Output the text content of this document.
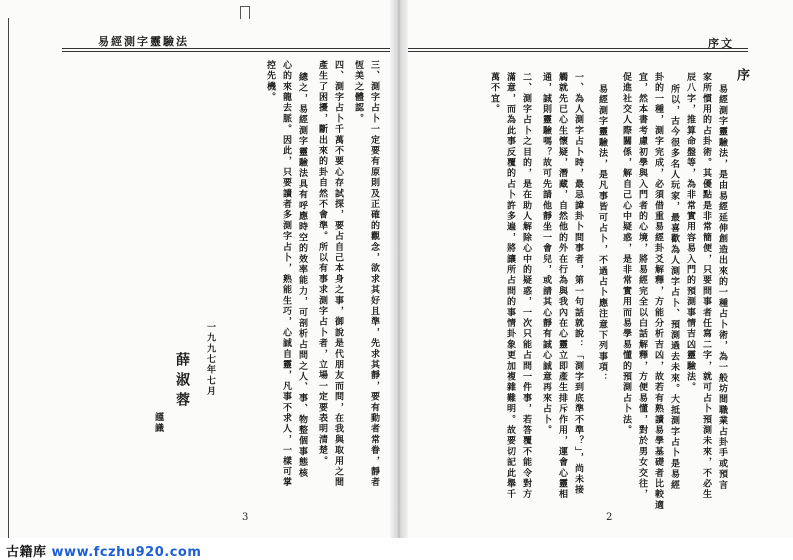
易經測字靈驗法	序文
序
易經測字靈驗法，是由易經延伸創造出來的一種占卜術，為一般坊間職業占卦手或預言
家所慣用的占卦術。其優點是非常簡便，只要問事者任寫二字，就可占卜預測未來，不必生
辰八字，推算命盤等，為非常實用容易入門的預測事情吉凶靈驗法。
所以，古今很多名人玩家，最喜歡為人測字占卜、預測過去未來。大抵測字占卜是易經
卦的一種，測字完成，必須借重易經卦爻解釋，方能分析吉凶，故若有熟讀易學基礎者比較適
宜，然本書考慮初學與入門者的心境，將易經完全以白話解釋，方便易懂，對於男女交往，
促進社交人際關係，解自己心中疑惑，是非常實用而易學易懂的預測占卜法。
易經測字靈驗法，是凡事皆可占卜，不過占卜應注意下列事項：
一、為人測字占卜時，最忌諱卦卜問事者，第一句話就說：「測字到底準不準？」，尚未接
觸就先已心生懷疑，潛藏，自然他的外在行為與我內在心靈立即產生排斥作用，運會心靈相
通，誠則靈驗嗎？故可先請他靜坐一會兒，或請其心靜有誠心誠意再來占卜。
二、測字占卜之目的，是在助人解除心中的疑惑，一次只能占問一件事，若答覆不能令對方
滿意，而為此事反覆的占卜許多遍，將讓所占問的事情卦象更加複雜難明。故要切記此舉千
萬不宜。
三、測字占卜一定要有原則及正確的觀念，欲求其好且準，先求其靜，要有動者常眷，靜者
恆美之體認。
四、測字占卜千萬不要心存試探，要占自己本身之事，御說是代朋友而問，在我與取用之間
產生了困擾，斷出來的卦自然不會準。所以有事求測字占卜者，立場一定要表明清楚。
總之，易經測字靈驗法具有呼應時空的效率能力，可剖析占問之人、事、物整個事態核
心的來龍去脈。因此，只要讀者多測字占卜，熟能生巧，心誠自靈，凡事不求人，一樣可掌
控先機。
一九九七年七月
薛淑蓉
謹識
3	2
古籍库 www.fczhu920.com
